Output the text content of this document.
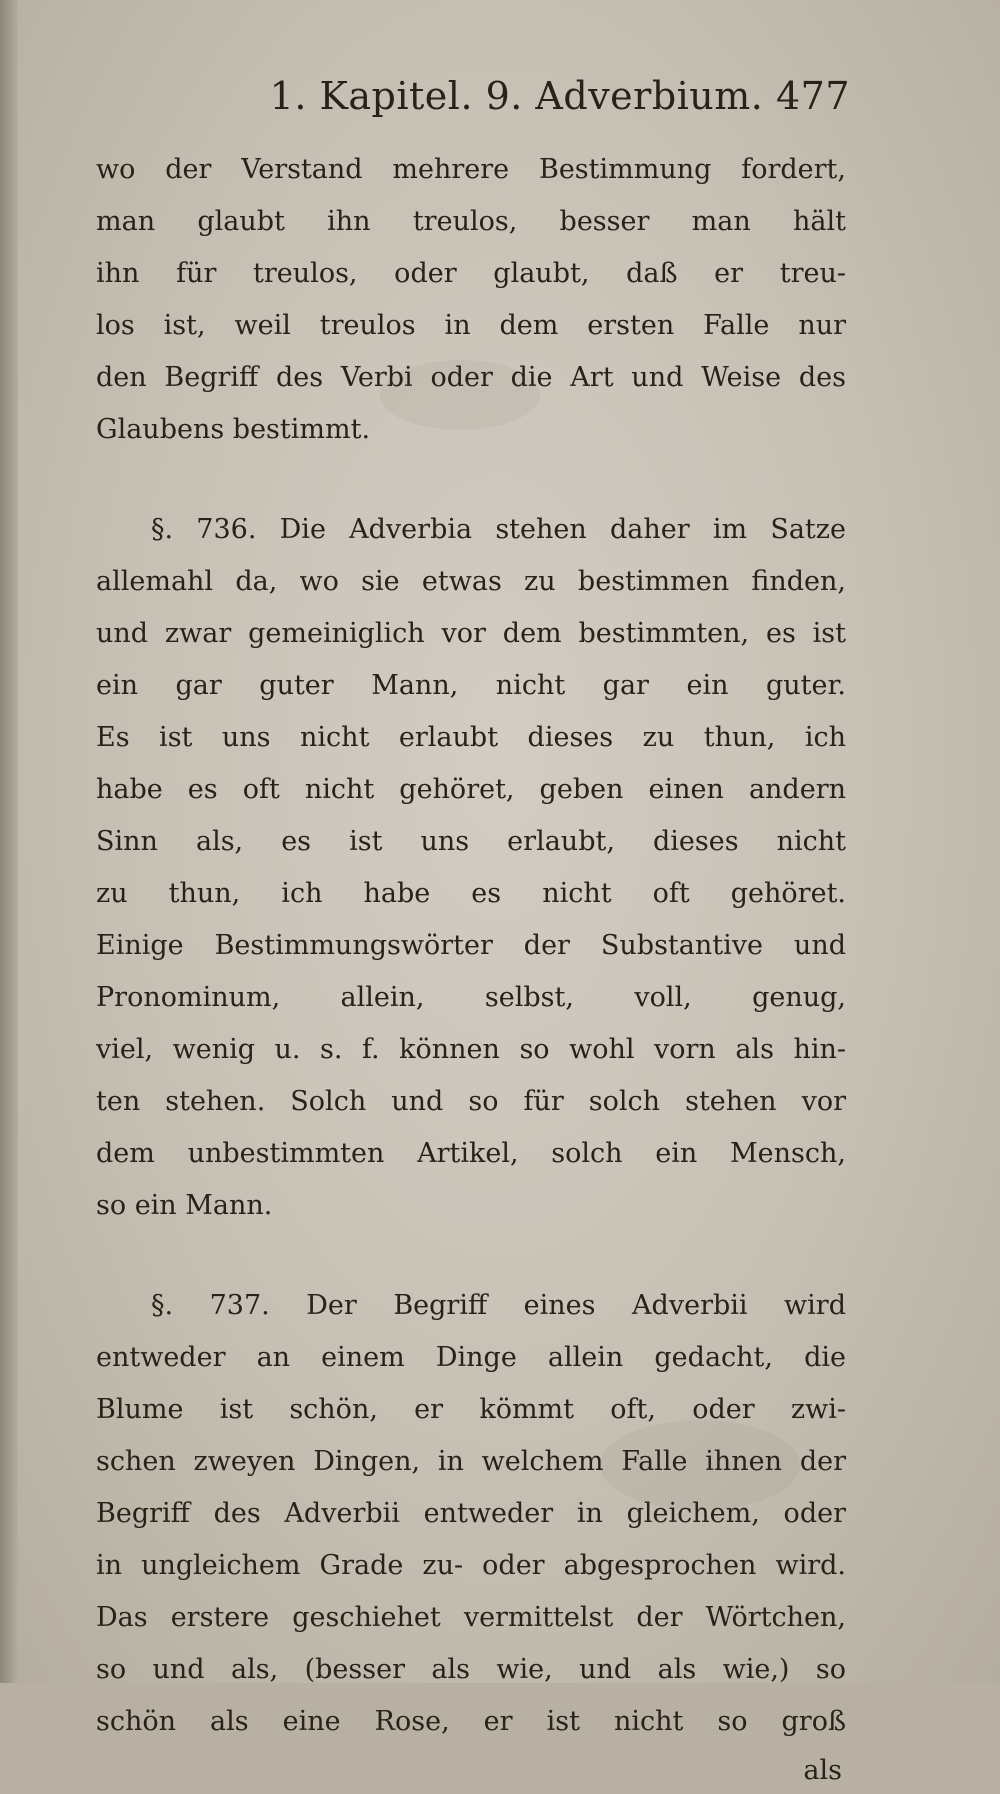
1. Kapitel. 9. Adverbium. 477
wo der Verstand mehrere Bestimmung fordert,
man glaubt ihn treulos, besser man hält
ihn für treulos, oder glaubt, daß er treu-
los ist, weil treulos in dem ersten Falle nur
den Begriff des Verbi oder die Art und Weise des
Glaubens bestimmt.
§. 736. Die Adverbia stehen daher im Satze
allemahl da, wo sie etwas zu bestimmen finden,
und zwar gemeiniglich vor dem bestimmten, es ist
ein gar guter Mann, nicht gar ein guter.
Es ist uns nicht erlaubt dieses zu thun, ich
habe es oft nicht gehöret, geben einen andern
Sinn als, es ist uns erlaubt, dieses nicht
zu thun, ich habe es nicht oft gehöret.
Einige Bestimmungswörter der Substantive und
Pronominum, allein, selbst, voll, genug,
viel, wenig u. s. f. können so wohl vorn als hin-
ten stehen. Solch und so für solch stehen vor
dem unbestimmten Artikel, solch ein Mensch,
so ein Mann.
§. 737. Der Begriff eines Adverbii wird
entweder an einem Dinge allein gedacht, die
Blume ist schön, er kömmt oft, oder zwi-
schen zweyen Dingen, in welchem Falle ihnen der
Begriff des Adverbii entweder in gleichem, oder
in ungleichem Grade zu- oder abgesprochen wird.
Das erstere geschiehet vermittelst der Wörtchen,
so und als, (besser als wie, und als wie,) so
schön als eine Rose, er ist nicht so groß
als
